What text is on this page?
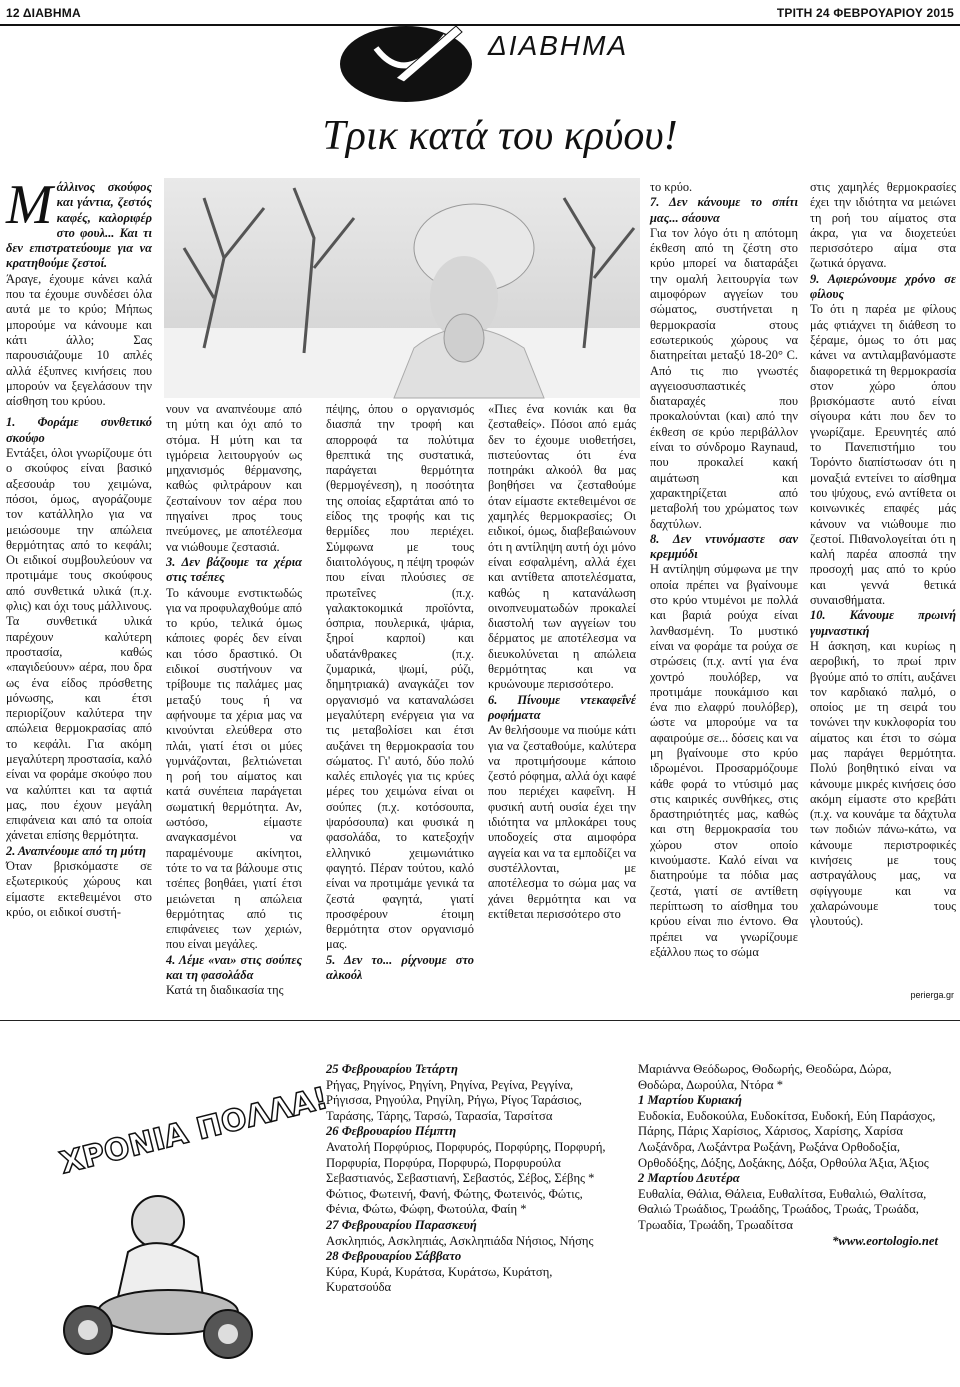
12 ΔΙΑΒΗΜΑ	ΤΡΙΤΗ 24 ΦΕΒΡΟΥΑΡΙΟΥ 2015
ΔΙΑΒΗΜΑ
Τρικ κατά του κρύου!
Μ άλλινος σκούφος και γάντια, ζεστός καφές, καλοριφέρ στο φουλ... Και τι δεν επιστρατεύουμε για να κρατηθούμε ζεστοί.

Άραγε, έχουμε κάνει καλά που τα έχουμε συνδέσει όλα αυτά με το κρύο; Μήπως μπορούμε να κάνουμε και κάτι άλλο; Σας παρουσιάζουμε 10 απλές αλλά έξυπνες κινήσεις που μπορούν να ξεγελάσουν την αίσθηση του κρύου.

1. Φοράμε συνθετικό σκούφο

Εντάξει, όλοι γνωρίζουμε ότι ο σκούφος είναι βασικό αξεσουάρ του χειμώνα, πόσοι, όμως, αγοράζουμε τον κατάλληλο για να μειώσουμε την απώλεια θερμότητας από το κεφάλι; Οι ειδικοί συμβουλεύουν να προτιμάμε τους σκούφους από συνθετικά υλικά (π.χ. φλις) και όχι τους μάλλινους. Τα συνθετικά υλικά παρέχουν καλύτερη προστασία, καθώς «παγιδεύουν» αέρα, που δρα ως ένα είδος πρόσθετης μόνωσης, και έτσι περιορίζουν καλύτερα την απώλεια θερμοκρασίας από το κεφάλι. Για ακόμη μεγαλύτερη προστασία, καλό είναι να φοράμε σκούφο που να καλύπτει και τα αφτιά μας, που έχουν μεγάλη επιφάνεια και από τα οποία χάνεται επίσης θερμότητα.

2. Αναπνέουμε από τη μύτη

Όταν βρισκόμαστε σε εξωτερικούς χώρους και είμαστε εκτεθειμένοι στο κρύο, οι ειδικοί συστή-

νουν να αναπνέουμε από τη μύτη και όχι από το στόμα. Η μύτη και τα ιγμόρεια λειτουργούν ως μηχανισμός θέρμανσης, καθώς φιλτράρουν και ζεσταίνουν τον αέρα που πηγαίνει προς τους πνεύμονες, με αποτέλεσμα να νιώθουμε ζεστασιά.

3. Δεν βάζουμε τα χέρια στις τσέπες

Το κάνουμε ενστικτωδώς για να προφυλαχθούμε από το κρύο, τελικά όμως κάποιες φορές δεν είναι και τόσο δραστικό. Οι ειδικοί συστήνουν να τρίβουμε τις παλάμες μας μεταξύ τους ή να αφήνουμε τα χέρια μας να κινούνται ελεύθερα στο πλάι, γιατί έτσι οι μύες γυμνάζονται, βελτιώνεται η ροή του αίματος και κατά συνέπεια παράγεται σωματική θερμότητα. Αν, ωστόσο, είμαστε αναγκασμένοι να παραμένουμε ακίνητοι, τότε το να τα βάλουμε στις τσέπες βοηθάει, γιατί έτσι μειώνεται η απώλεια θερμότητας από τις επιφάνειες των χεριών, που είναι μεγάλες.

4. Λέμε «ναι» στις σούπες και τη φασολάδα

Κατά τη διαδικασία της

πέψης, όπου ο οργανισμός διασπά την τροφή και απορροφά τα πολύτιμα θρεπτικά της συστατικά, παράγεται θερμότητα (θερμογένεση), η ποσότητα της οποίας εξαρτάται από το είδος της τροφής και τις θερμίδες που περιέχει. Σύμφωνα με τους διαιτολόγους, η πέψη τροφών που είναι πλούσιες σε πρωτεΐνες (π.χ. γαλακτοκομικά προϊόντα, όσπρια, πουλερικά, ψάρια, ξηροί καρποί) και υδατάνθρακες (π.χ. ζυμαρικά, ψωμί, ρύζι, δημητριακά) αναγκάζει τον οργανισμό να καταναλώσει μεγαλύτερη ενέργεια για να τις μεταβολίσει και έτσι αυξάνει τη θερμοκρασία του σώματος. Γι' αυτό, δύο πολύ καλές επιλογές για τις κρύες μέρες του χειμώνα είναι οι σούπες (π.χ. κοτόσουπα, ψαρόσουπα) και φυσικά η φασολάδα, το κατεξοχήν ελληνικό χειμωνιάτικο φαγητό. Πέραν τούτου, καλό είναι να προτιμάμε γενικά τα ζεστά φαγητά, γιατί προσφέρουν έτοιμη θερμότητα στον οργανισμό μας.

5. Δεν το... ρίχνουμε στο αλκοόλ

«Πιες ένα κονιάκ και θα ζεσταθείς». Πόσοι από εμάς δεν το έχουμε υιοθετήσει, πιστεύοντας ότι ένα ποτηράκι αλκοόλ θα μας βοηθήσει να ζεσταθούμε όταν είμαστε εκτεθειμένοι σε χαμηλές θερμοκρασίες; Οι ειδικοί, όμως, διαβεβαιώνουν ότι η αντίληψη αυτή όχι μόνο είναι εσφαλμένη, αλλά έχει και αντίθετα αποτελέσματα, καθώς η κατανάλωση οινοπνευματωδών προκαλεί διαστολή των αγγείων του δέρματος με αποτέλεσμα να διευκολύνεται η απώλεια θερμότητας και να κρυώνουμε περισσότερο.

6. Πίνουμε ντεκαφεΐνέ ροφήματα

Αν θελήσουμε να πιούμε κάτι για να ζεσταθούμε, καλύτερα να προτιμήσουμε κάποιο ζεστό ρόφημα, αλλά όχι καφέ που περιέχει καφεΐνη. Η φυσική αυτή ουσία έχει την ιδιότητα να μπλοκάρει τους υποδοχείς στα αιμοφόρα αγγεία και να τα εμποδίζει να συστέλλονται, με αποτέλεσμα το σώμα μας να χάνει θερμότητα και να εκτίθεται περισσότερο στο

το κρύο.

7. Δεν κάνουμε το σπίτι μας... σάουνα

Για τον λόγο ότι η απότομη έκθεση από τη ζέστη στο κρύο μπορεί να διαταράξει την ομαλή λειτουργία των αιμοφόρων αγγείων του σώματος, συστήνεται η θερμοκρασία στους εσωτερικούς χώρους να διατηρείται μεταξύ 18-20° C. Από τις πιο γνωστές αγγειοσυσπαστικές διαταραχές που προκαλούνται (και) από την έκθεση σε κρύο περιβάλλον είναι το σύνδρομο Raynaud, που προκαλεί κακή αιμάτωση και χαρακτηρίζεται από μεταβολή του χρώματος των δαχτύλων.

8. Δεν ντυνόμαστε σαν κρεμμύδι

Η αντίληψη σύμφωνα με την οποία πρέπει να βγαίνουμε στο κρύο ντυμένοι με πολλά και βαριά ρούχα είναι λανθασμένη. Το μυστικό είναι να φοράμε τα ρούχα σε στρώσεις (π.χ. αντί για ένα χοντρό πουλόβερ, να προτιμάμε πουκάμισο και ένα πιο ελαφρύ πουλόβερ), ώστε να μπορούμε να τα αφαιρούμε σε... δόσεις και να μη βγαίνουμε στο κρύο ιδρωμένοι. Προσαρμόζουμε κάθε φορά το ντύσιμό μας στις καιρικές συνθήκες, στις δραστηριότητές μας, καθώς και στη θερμοκρασία του χώρου στον οποίο κινούμαστε. Καλό είναι να διατηρούμε τα πόδια μας ζεστά, γιατί σε αντίθετη περίπτωση το αίσθημα του κρύου είναι πιο έντονο. Θα πρέπει να γνωρίζουμε εξάλλου πως το σώμα

στις χαμηλές θερμοκρασίες έχει την ιδιότητα να μειώνει τη ροή του αίματος στα άκρα, για να διοχετεύει περισσότερο αίμα στα ζωτικά όργανα.

9. Αφιερώνουμε χρόνο σε φίλους

Το ότι η παρέα με φίλους μάς φτιάχνει τη διάθεση το ξέραμε, όμως το ότι μας κάνει να αντιλαμβανόμαστε διαφορετικά τη θερμοκρασία στον χώρο όπου βρισκόμαστε αυτό είναι σίγουρα κάτι που δεν το γνωρίζαμε. Ερευνητές από το Πανεπιστήμιο του Τορόντο διαπίστωσαν ότι η μοναξιά εντείνει το αίσθημα του ψύχους, ενώ αντίθετα οι κοινωνικές επαφές μάς κάνουν να νιώθουμε πιο ζεστοί. Πιθανολογείται ότι η καλή παρέα αποσπά την προσοχή μας από το κρύο και γεννά θετικά συναισθήματα.

10. Κάνουμε πρωινή γυμναστική

Η άσκηση, και κυρίως η αεροβική, το πρωί πριν βγούμε από το σπίτι, αυξάνει τον καρδιακό παλμό, ο οποίος με τη σειρά του τονώνει την κυκλοφορία του αίματος και έτσι το σώμα μας παράγει θερμότητα. Πολύ βοηθητικό είναι να κάνουμε μικρές κινήσεις όσο ακόμη είμαστε στο κρεβάτι (π.χ. να κουνάμε τα δάχτυλα των ποδιών πάνω-κάτω, να κάνουμε περιστροφικές κινήσεις με τους αστραγάλους μας, να σφίγγουμε και να χαλαρώνουμε τους γλουτούς).

periergа.gr
ΧΡΟΝΙΑ ΠΟΛΛΑ!

25 Φεβρουαρίου Τετάρτη

Ρήγας, Ρηγίνος, Ρηγίνη, Ρηγίνα, Ρεγίνα, Ρεγγίνα, Ρήγισσα, Ρηγούλα, Ρηγίλη, Ρήγω, Ρίγος Ταράσιος, Ταράσης, Τάρης, Ταρσώ, Ταρασία, Ταρσίτσα

26 Φεβρουαρίου Πέμπτη

Ανατολή Πορφύριος, Πορφυρός, Πορφύρης, Πορφυρή, Πορφυρία, Πορφύρα, Πορφυρώ, Πορφυρούλα Σεβαστιανός, Σεβαστιανή, Σεβαστός, Σέβος, Σέβης * Φώτιος, Φωτεινή, Φανή, Φώτης, Φωτεινός, Φώτις, Φένια, Φώτω, Φώφη, Φωτούλα, Φαίη *

27 Φεβρουαρίου Παρασκευή

Ασκληπιός, Ασκληπιάς, Ασκληπιάδα Νήσιος, Νήσης

28 Φεβρουαρίου Σάββατο

Κύρα, Κυρά, Κυράτσα, Κυράτσω, Κυράτση, Κυρατσούδα

Μαριάννα Θεόδωρος, Θοδωρής, Θεοδώρα, Δώρα, Θοδώρα, Δωρούλα, Ντόρα *

1 Μαρτίου Κυριακή

Ευδοκία, Ευδοκούλα, Ευδοκίτσα, Ευδοκή, Εύη Παράσχος, Πάρης, Πάρις Χαρίσιος, Χάρισος, Χαρίσης, Χαρίσα Λωξάνδρα, Λωξάντρα Ρωξάνη, Ρωξάνα Ορθοδοξία, Ορθοδόξης, Δόξης, Δοξάκης, Δόξα, Ορθούλα Άξια, Άξιος

2 Μαρτίου Δευτέρα

Ευθαλία, Θάλια, Θάλεια, Ευθαλίτσα, Ευθαλιώ, Θαλίτσα, Θαλιώ Τρωάδιος, Τρωάδης, Τρωάδος, Τρωάς, Τρωάδα, Τρωαδία, Τρωάδη, Τρωαδίτσα

*www.eortologio.net
